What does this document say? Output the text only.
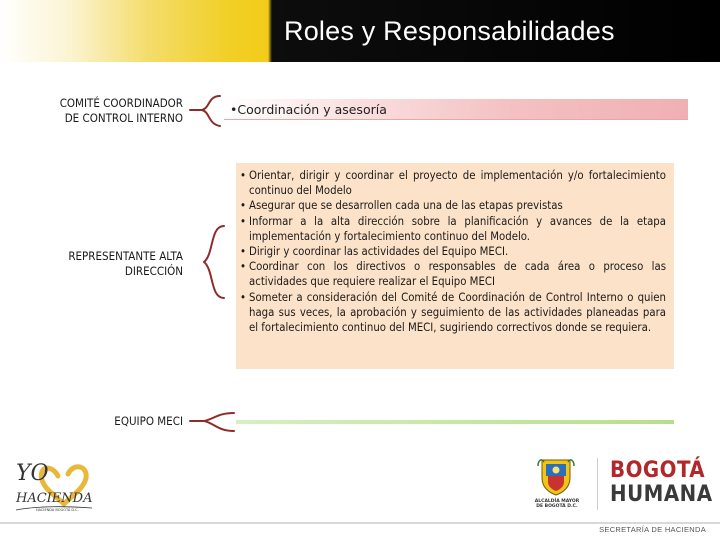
Roles y Responsabilidades
COMITÉ COORDINADOR
DE CONTROL INTERNO
•Coordinación y asesoría
REPRESENTANTE ALTA
DIRECCIÓN
• Orientar, dirigir y coordinar el proyecto de implementación y/o fortalecimiento continuo del Modelo
• Asegurar que se desarrollen cada una de las etapas previstas
• Informar a la alta dirección sobre la planificación y avances de la etapa implementación y fortalecimiento continuo del Modelo.
• Dirigir y coordinar las actividades del Equipo MECI.
• Coordinar con los directivos o responsables de cada área o proceso las actividades que requiere realizar el Equipo MECI
• Someter a consideración del Comité de Coordinación de Control Interno o quien haga sus veces, la aprobación y seguimiento de las actividades planeadas para el fortalecimiento continuo del MECI, sugiriendo correctivos donde se requiera.
EQUIPO MECI
YO
HACIENDA
HACIENDA BOGOTÁ D.C.
ALCALDÍA MAYOR
DE BOGOTÁ D.C.
BOGOTÁ
HUMANA
SECRETARÍA DE HACIENDA
